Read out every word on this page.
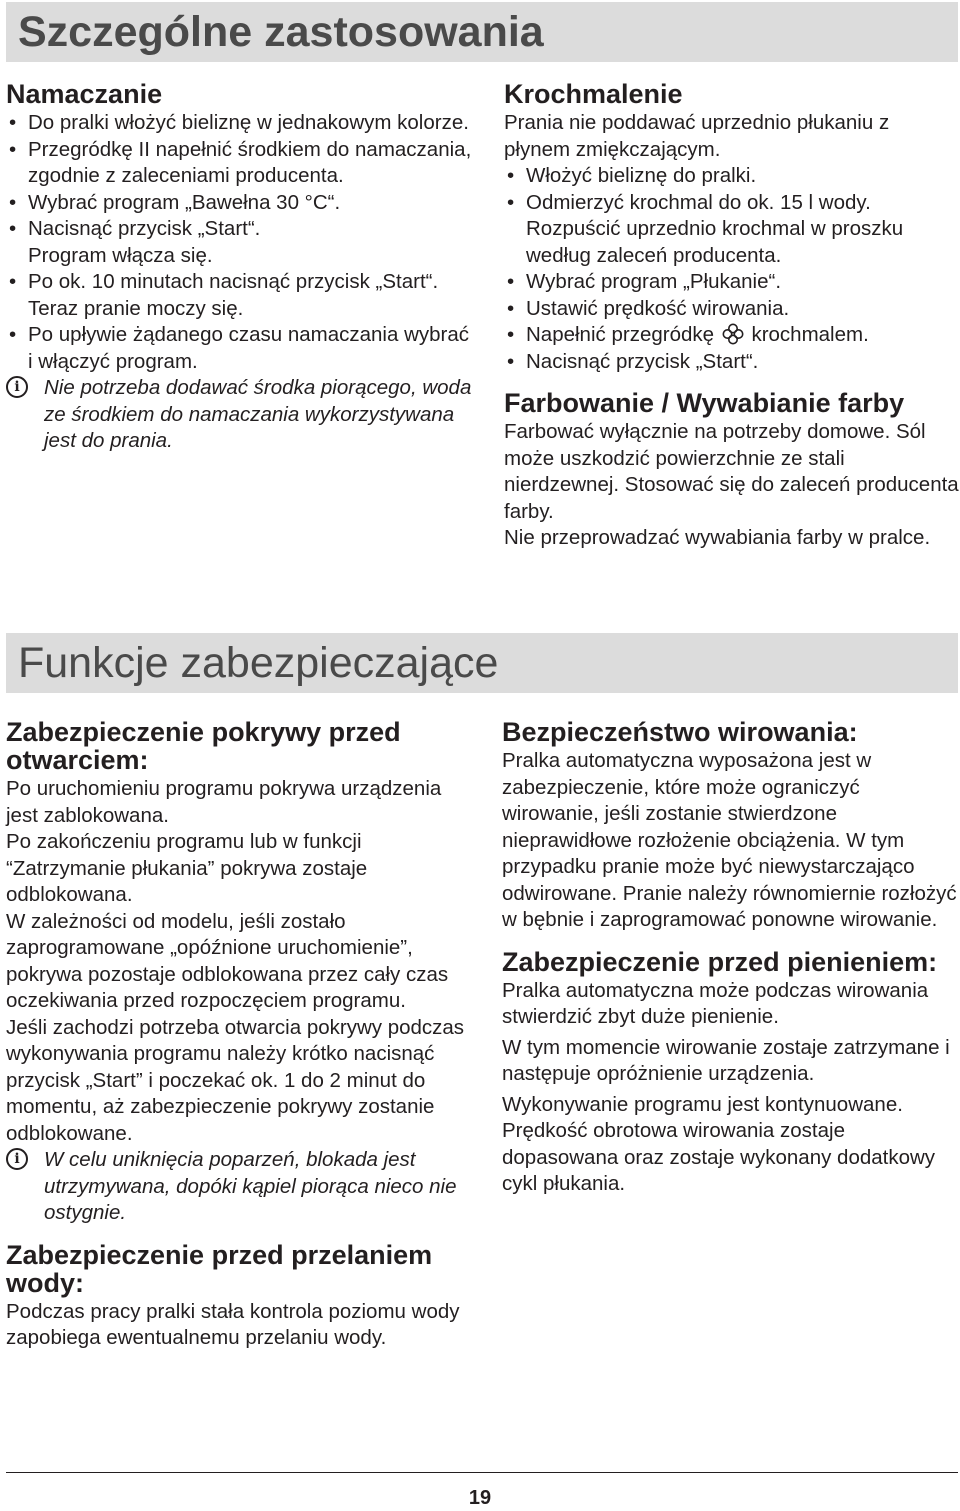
Szczególne zastosowania
Namaczanie
• Do pralki włożyć bieliznę w jednakowym kolorze.
• Przegródkę II napełnić środkiem do namaczania, zgodnie z zaleceniami producenta.
• Wybrać program „Bawełna 30 °C“.
• Nacisnąć przycisk „Start“.

Program włącza się.

• Po ok. 10 minutach nacisnąć przycisk „Start“.

Teraz pranie moczy się.

• Po upływie żądanego czasu namaczania wybrać i włączyć program.
i	Nie potrzeba dodawać środka piorącego, woda ze środkiem do namaczania wykorzystywana jest do prania.
Krochmalenie

Prania nie poddawać uprzednio płukaniu z płynem zmiękczającym.

• Włożyć bieliznę do pralki.
• Odmierzyć krochmal do ok. 15 l wody.

Rozpuścić uprzednio krochmal w proszku według zaleceń producenta.

• Wybrać program „Płukanie“.
• Ustawić prędkość wirowania.
• Napełnić przegródkę krochmalem.
• Nacisnąć przycisk „Start“.
Farbowanie / Wywabianie farby

Farbować wyłącznie na potrzeby domowe. Sól może uszkodzić powierzchnie ze stali nierdzewnej. Stosować się do zaleceń producenta farby.

Nie przeprowadzać wywabiania farby w pralce.

Funkcje zabezpieczające
Zabezpieczenie pokrywy przed otwarciem:

Po uruchomieniu programu pokrywa urządzenia jest zablokowana.

Po zakończeniu programu lub w funkcji “Zatrzymanie płukania” pokrywa zostaje odblokowana.

W zależności od modelu, jeśli zostało zaprogramowane „opóźnione uruchomienie”, pokrywa pozostaje odblokowana przez cały czas oczekiwania przed rozpoczęciem programu.

Jeśli zachodzi potrzeba otwarcia pokrywy podczas wykonywania programu należy krótko nacisnąć przycisk „Start” i poczekać ok. 1 do 2 minut do momentu, aż zabezpieczenie pokrywy zostanie odblokowane.

i	W celu uniknięcia poparzeń, blokada jest utrzymywana, dopóki kąpiel piorąca nieco nie ostygnie.
Zabezpieczenie przed przelaniem wody:

Podczas pracy pralki stała kontrola poziomu wody zapobiega ewentualnemu przelaniu wody.

Bezpieczeństwo wirowania:

Pralka automatyczna wyposażona jest w zabezpieczenie, które może ograniczyć wirowanie, jeśli zostanie stwierdzone nieprawidłowe rozłożenie obciążenia. W tym przypadku pranie może być niewystarczająco odwirowane. Pranie należy równomiernie rozłożyć w bębnie i zaprogramować ponowne wirowanie.

Zabezpieczenie przed pienieniem:

Pralka automatyczna może podczas wirowania stwierdzić zbyt duże pienienie.

W tym momencie wirowanie zostaje zatrzymane i następuje opróżnienie urządzenia.

Wykonywanie programu jest kontynuowane. Prędkość obrotowa wirowania zostaje dopasowana oraz zostaje wykonany dodatkowy cykl płukania.

19
